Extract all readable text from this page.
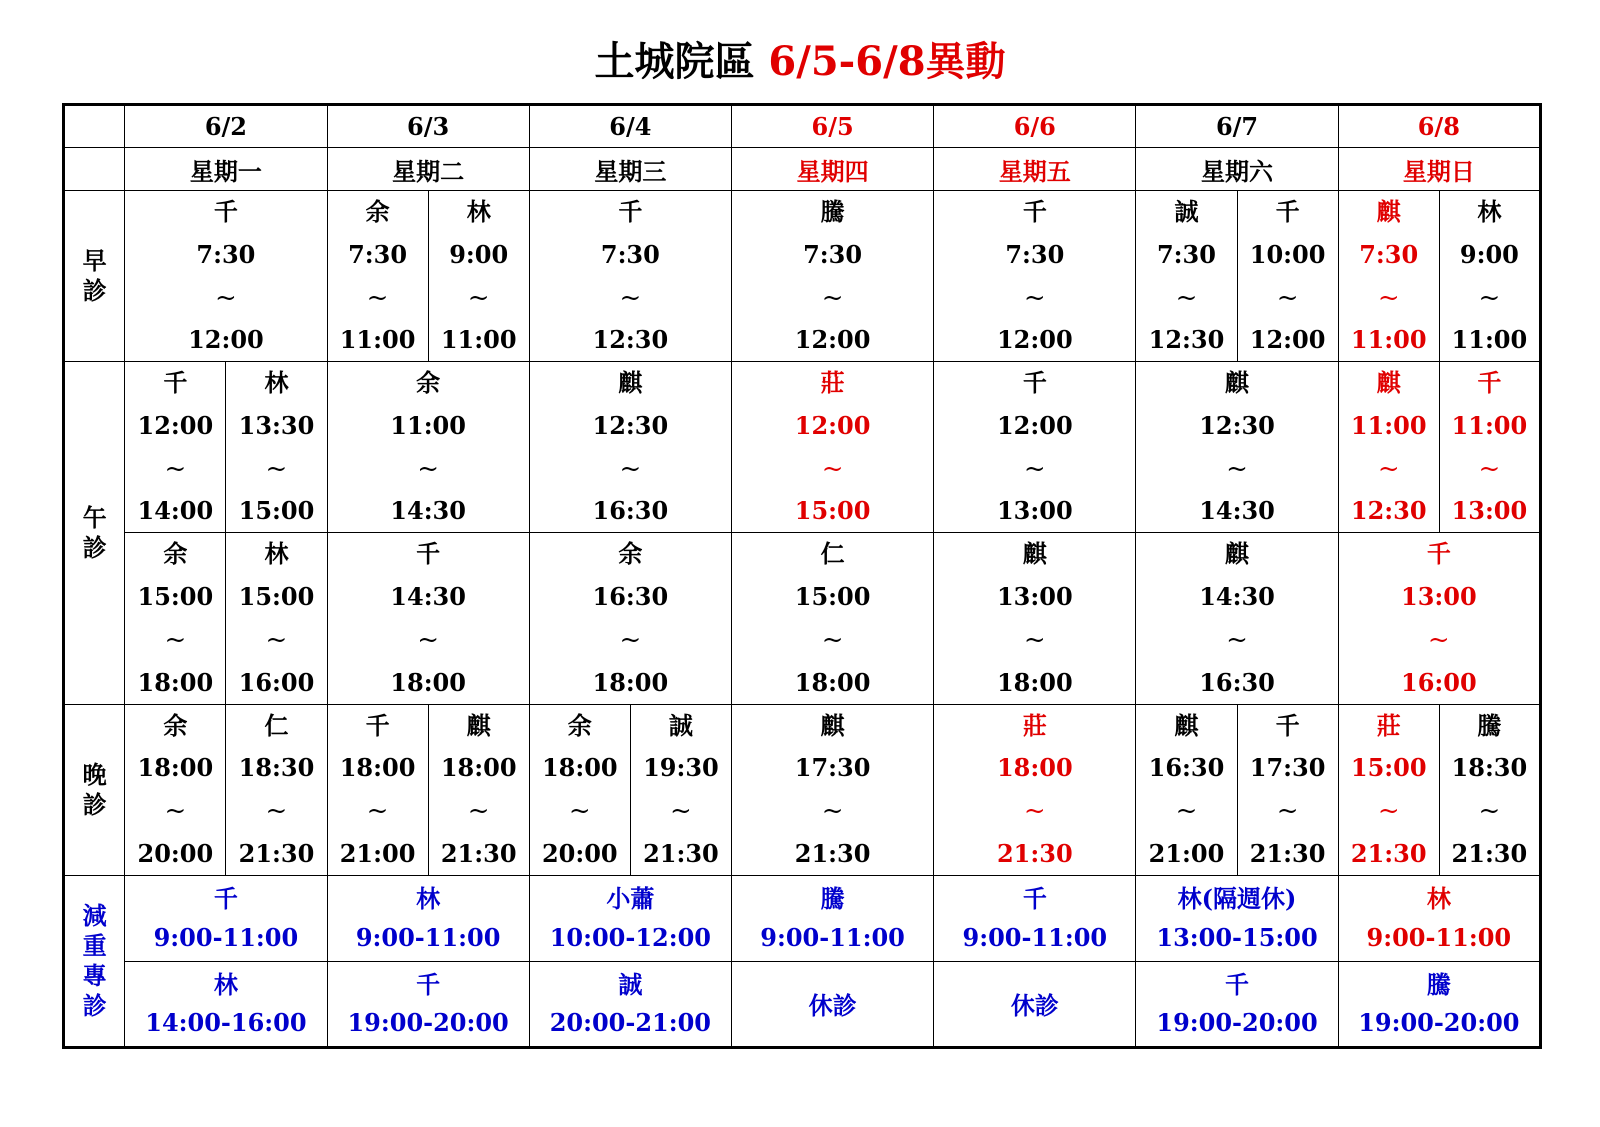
土城院區 6/5-6/8異動
	6/2		6/3		6/4		6/5	6/6	6/7		6/8	
	星期一		星期二		星期三		星期四	星期五	星期六		星期日	
早診	千
7:30
~
12:00		余
7:30
~
11:00	林
9:00
~
11:00	千
7:30
~
12:30		騰
7:30
~
12:00	千
7:30
~
12:00	誠
7:30
~
12:30	千
10:00
~
12:00	麒
7:30
~
11:00	林
9:00
~
11:00

午診	千
12:00
~
14:00	林
13:30
~
15:00	余
11:00
~
14:30		麒
12:30
~
16:30		莊
12:00
~
15:00	千
12:00
~
13:00	麒
12:30
~
14:30		麒
11:00
~
12:30	千
11:00
~
13:00

	余
15:00
~
18:00	林
15:00
~
16:00	千
14:30
~
18:00		余
16:30
~
18:00		仁
15:00
~
18:00	麒
13:00
~
18:00	麒
14:30
~
16:30		千
13:00
~
16:00	

晚診	余
18:00
~
20:00	仁
18:30
~
21:30	千
18:00
~
21:00	麒
18:00
~
21:30	余
18:00
~
20:00	誠
19:30
~
21:30	麒
17:30
~
21:30	莊
18:00
~
21:30	麒
16:30
~
21:00	千
17:30
~
21:30	莊
15:00
~
21:30	騰
18:30
~
21:30

減重專診	千
9:00-11:00		林
9:00-11:00		小蕭
10:00-12:00		騰
9:00-11:00	千
9:00-11:00	林(隔週休)
13:00-15:00		林
9:00-11:00	

	林
14:00-16:00		千
19:00-20:00		誠
20:00-21:00		休診	休診	千
19:00-20:00		騰
19:00-20:00	
